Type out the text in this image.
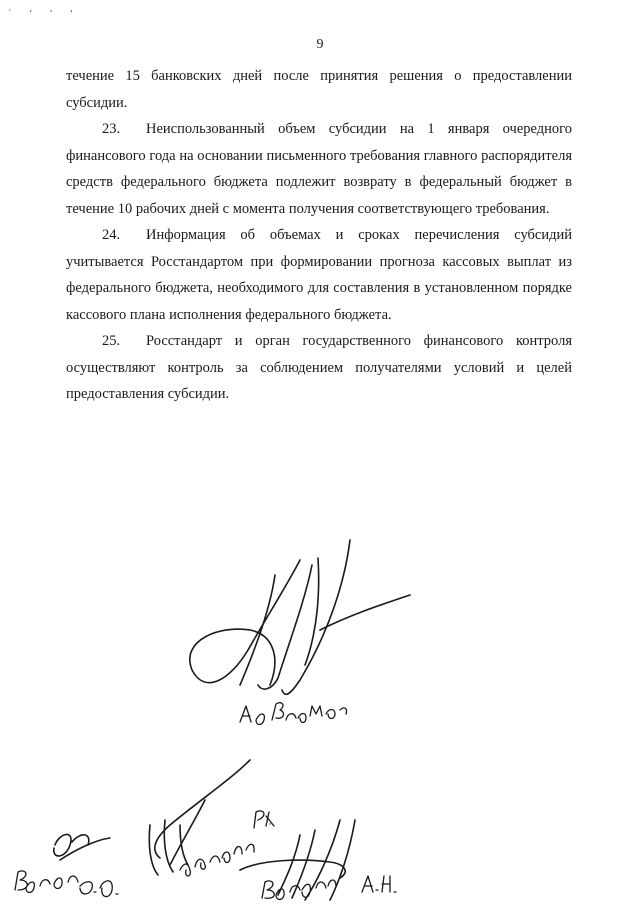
` ' ' '
9

течение 15 банковских дней после принятия решения о предоставлении субсидии.

23. Неиспользованный объем субсидии на 1 января очередного финансового года на основании письменного требования главного распорядителя средств федерального бюджета подлежит возврату в федеральный бюджет в течение 10 рабочих дней с момента получения соответствующего требования.

24. Информация об объемах и сроках перечисления субсидий учитывается Росстандартом при формировании прогноза кассовых выплат из федерального бюджета, необходимого для составления в установленном порядке кассового плана исполнения федерального бюджета.

25. Росстандарт и орган государственного финансового контроля осуществляют контроль за соблюдением получателями условий и целей предоставления субсидии.
